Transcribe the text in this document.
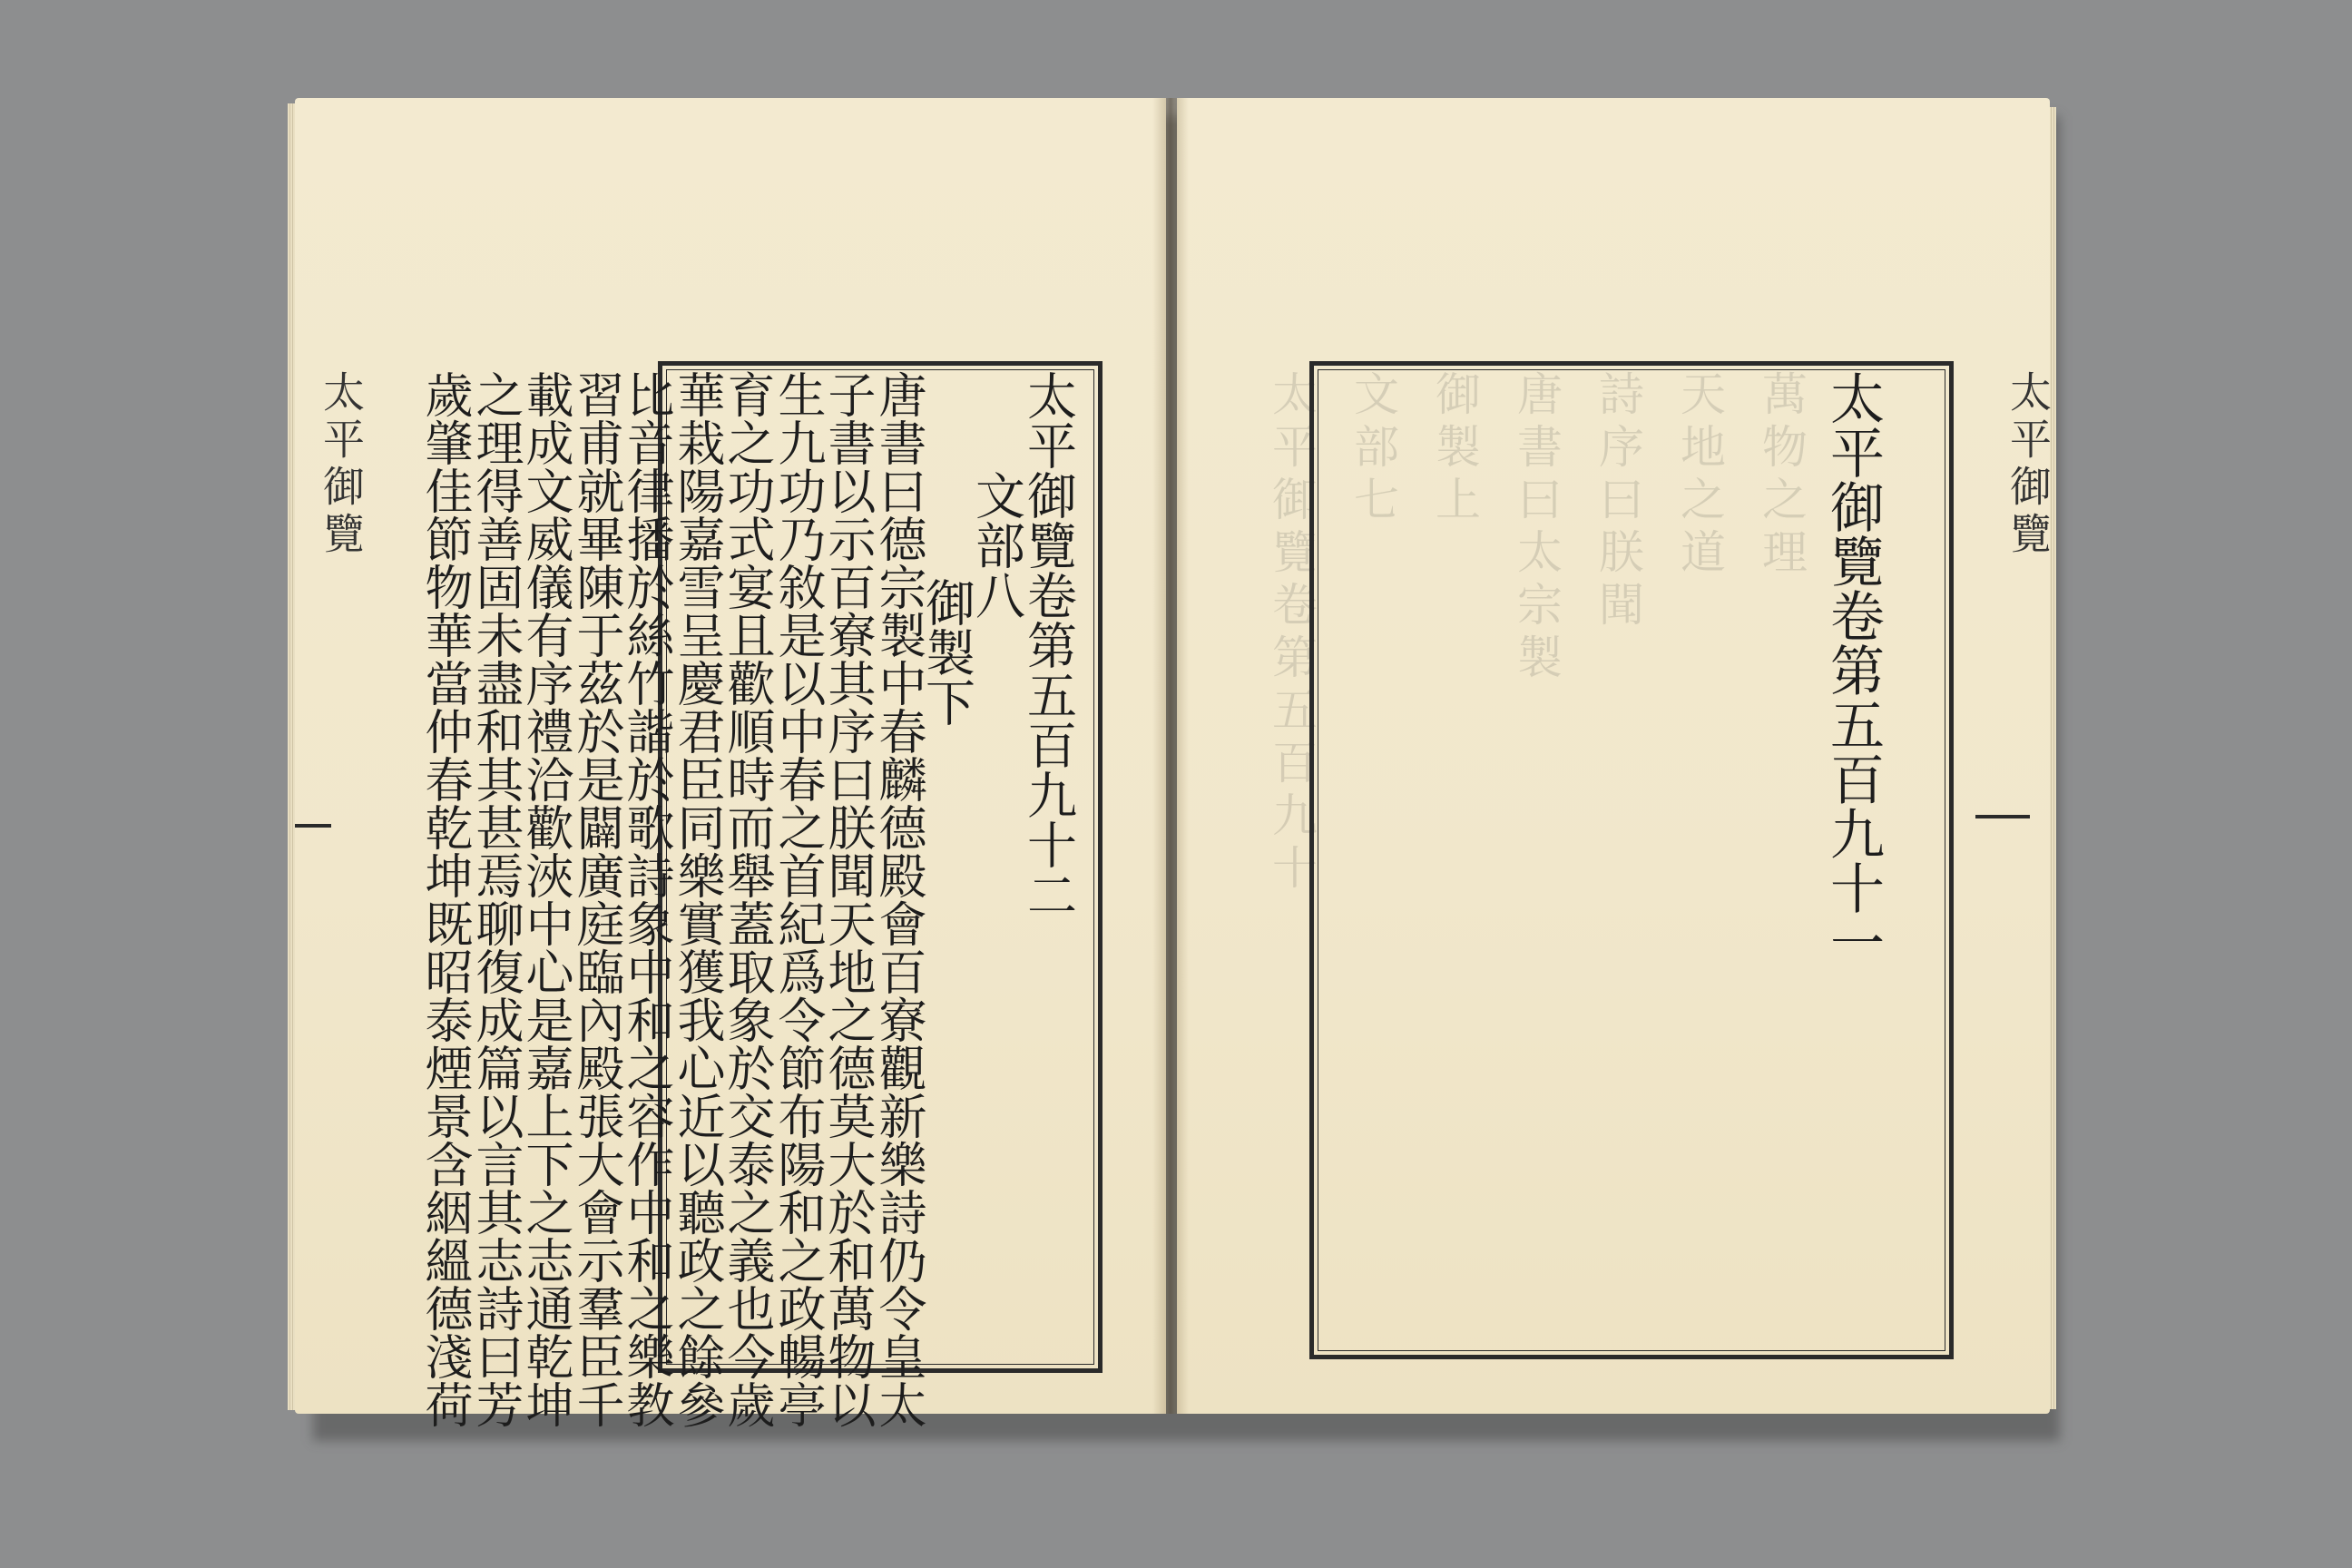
太平御覽	太平御覽卷第五百九十 文部七 御製上 唐書曰太宗製 詩序曰朕聞 天地之道 萬物之理	太平御覽
太平御覽卷第五百九十二
文部八
御製下
唐書曰德宗製中春麟德殿會百寮觀新樂詩仍令皇太
子書以示百寮其序曰朕聞天地之德莫大於和萬物以
生九功乃敘是以中春之首紀爲令節布陽和之政暢亭
育之功式宴且歡順時而舉蓋取象於交泰之義也今歲
華栽陽嘉雪呈慶君臣同樂實獲我心近以聽政之餘參
比音律播於絲竹諧於歌詩象中和之容作中和之樂教
習甫就畢陳于茲於是闢廣庭臨內殿張大會示羣臣千
載成文威儀有序禮洽歡浹中心是嘉上下之志通乾坤
之理得善固未盡和其甚焉聊復成篇以言其志詩曰芳
歲肇佳節物華當仲春乾坤既昭泰煙景含絪縕德淺荷	太平御覽卷第五百九十一
